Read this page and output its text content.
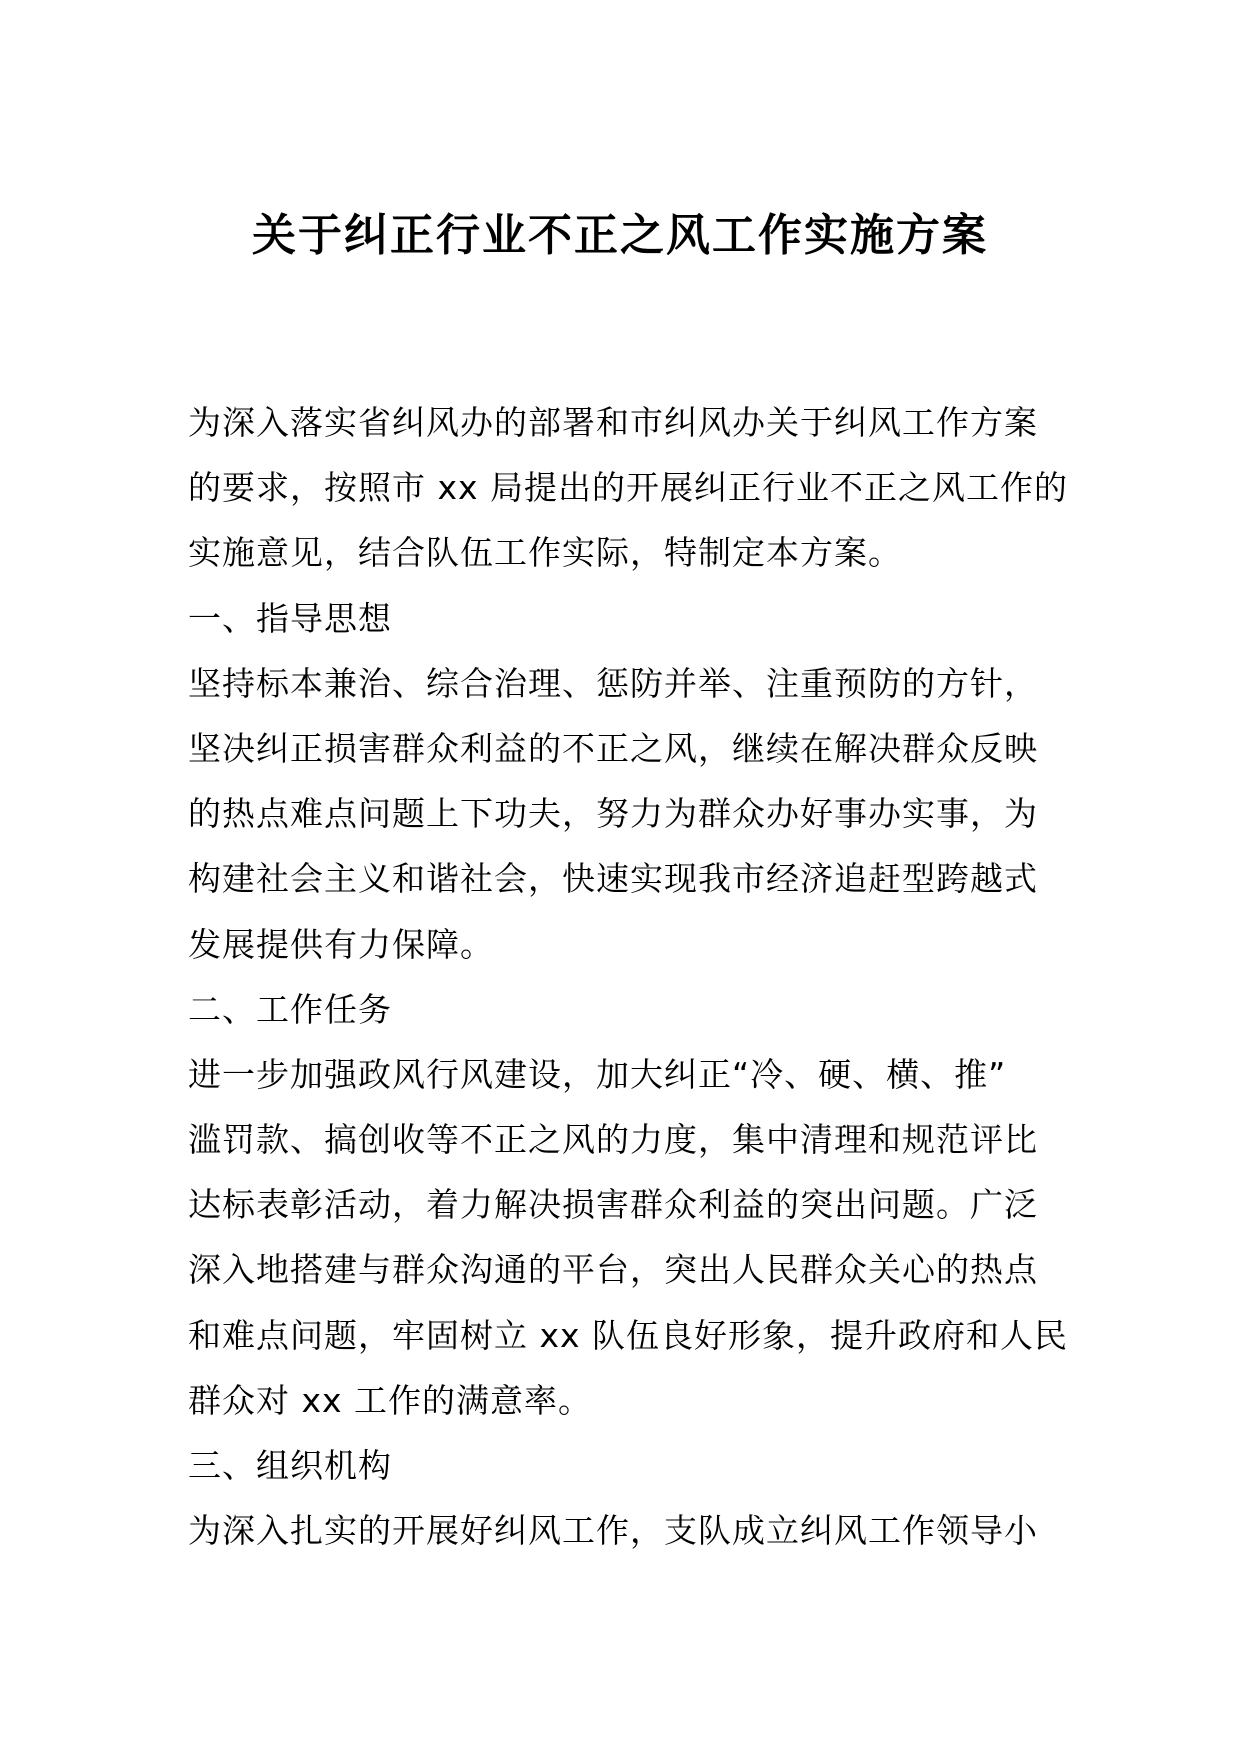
关于纠正行业不正之风工作实施方案
为深入落实省纠风办的部署和市纠风办关于纠风工作方案
的要求，按照市 xx 局提出的开展纠正行业不正之风工作的
实施意见，结合队伍工作实际，特制定本方案。
一、指导思想
坚持标本兼治、综合治理、惩防并举、注重预防的方针，
坚决纠正损害群众利益的不正之风，继续在解决群众反映
的热点难点问题上下功夫，努力为群众办好事办实事，为
构建社会主义和谐社会，快速实现我市经济追赶型跨越式
发展提供有力保障。
二、工作任务
进一步加强政风行风建设，加大纠正“冷、硬、横、推”
滥罚款、搞创收等不正之风的力度，集中清理和规范评比
达标表彰活动，着力解决损害群众利益的突出问题。广泛
深入地搭建与群众沟通的平台，突出人民群众关心的热点
和难点问题，牢固树立 xx 队伍良好形象，提升政府和人民
群众对 xx 工作的满意率。
三、组织机构
为深入扎实的开展好纠风工作，支队成立纠风工作领导小
